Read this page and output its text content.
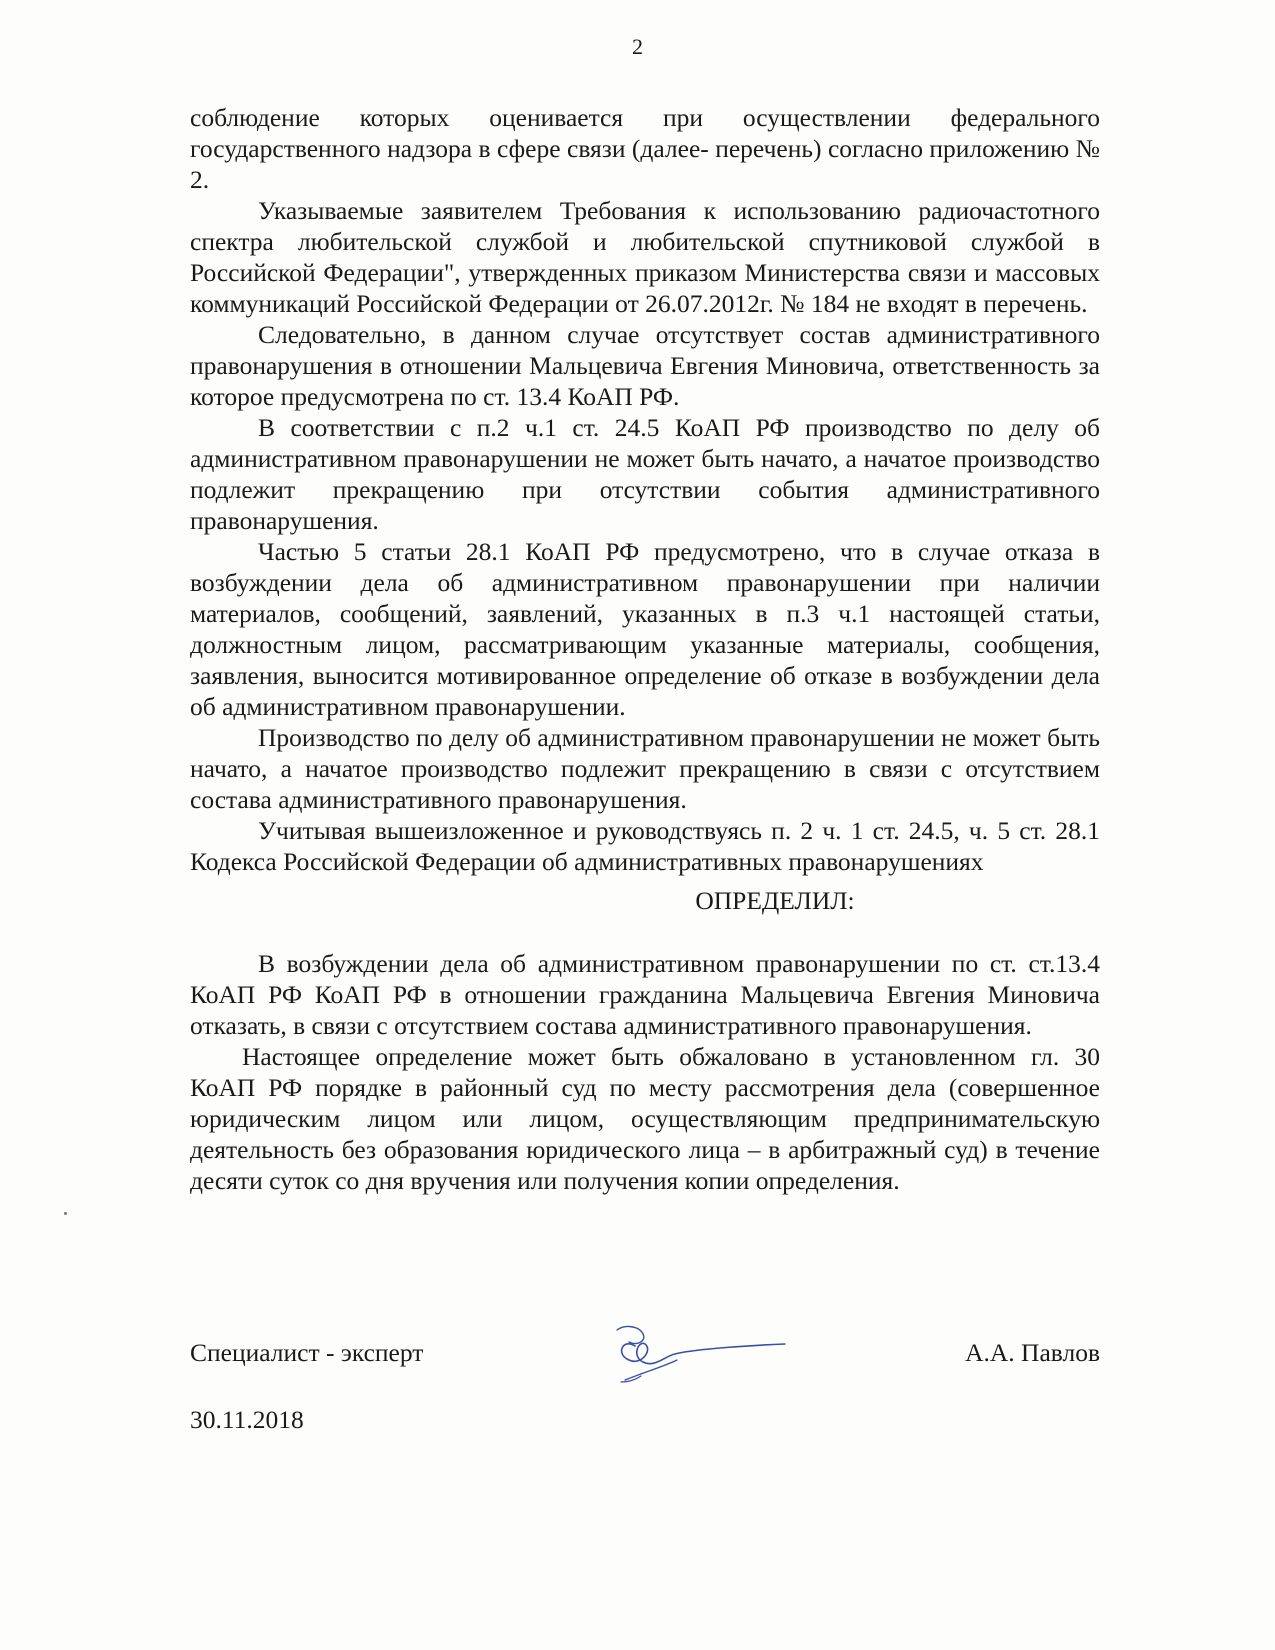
2

соблюдение которых оценивается при осуществлении федерального государственного надзора в сфере связи (далее- перечень) согласно приложению № 2.

Указываемые заявителем Требования к использованию радиочастотного спектра любительской службой и любительской спутниковой службой в Российской Федерации", утвержденных приказом Министерства связи и массовых коммуникаций Российской Федерации от 26.07.2012г. № 184 не входят в перечень.

Следовательно, в данном случае отсутствует состав административного правонарушения в отношении Мальцевича Евгения Миновича, ответственность за которое предусмотрена по ст. 13.4 КоАП РФ.

В соответствии с п.2 ч.1 ст. 24.5 КоАП РФ производство по делу об административном правонарушении не может быть начато, а начатое производство подлежит прекращению при отсутствии события административного правонарушения.

Частью 5 статьи 28.1 КоАП РФ предусмотрено, что в случае отказа в возбуждении дела об административном правонарушении при наличии материалов, сообщений, заявлений, указанных в п.3 ч.1 настоящей статьи, должностным лицом, рассматривающим указанные материалы, сообщения, заявления, выносится мотивированное определение об отказе в возбуждении дела об административном правонарушении.

Производство по делу об административном правонарушении не может быть начато, а начатое производство подлежит прекращению в связи с отсутствием состава административного правонарушения.

Учитывая вышеизложенное и руководствуясь п. 2 ч. 1 ст. 24.5, ч. 5 ст. 28.1 Кодекса Российской Федерации об административных правонарушениях

ОПРЕДЕЛИЛ:

В возбуждении дела об административном правонарушении по ст. ст.13.4 КоАП РФ КоАП РФ в отношении гражданина Мальцевича Евгения Миновича отказать, в связи с отсутствием состава административного правонарушения.

Настоящее определение может быть обжаловано в установленном гл. 30 КоАП РФ порядке в районный суд по месту рассмотрения дела (совершенное юридическим лицом или лицом, осуществляющим предпринимательскую деятельность без образования юридического лица – в арбитражный суд) в течение десяти суток со дня вручения или получения копии определения.

Специалист - эксперт	А.А. Павлов
30.11.2018
